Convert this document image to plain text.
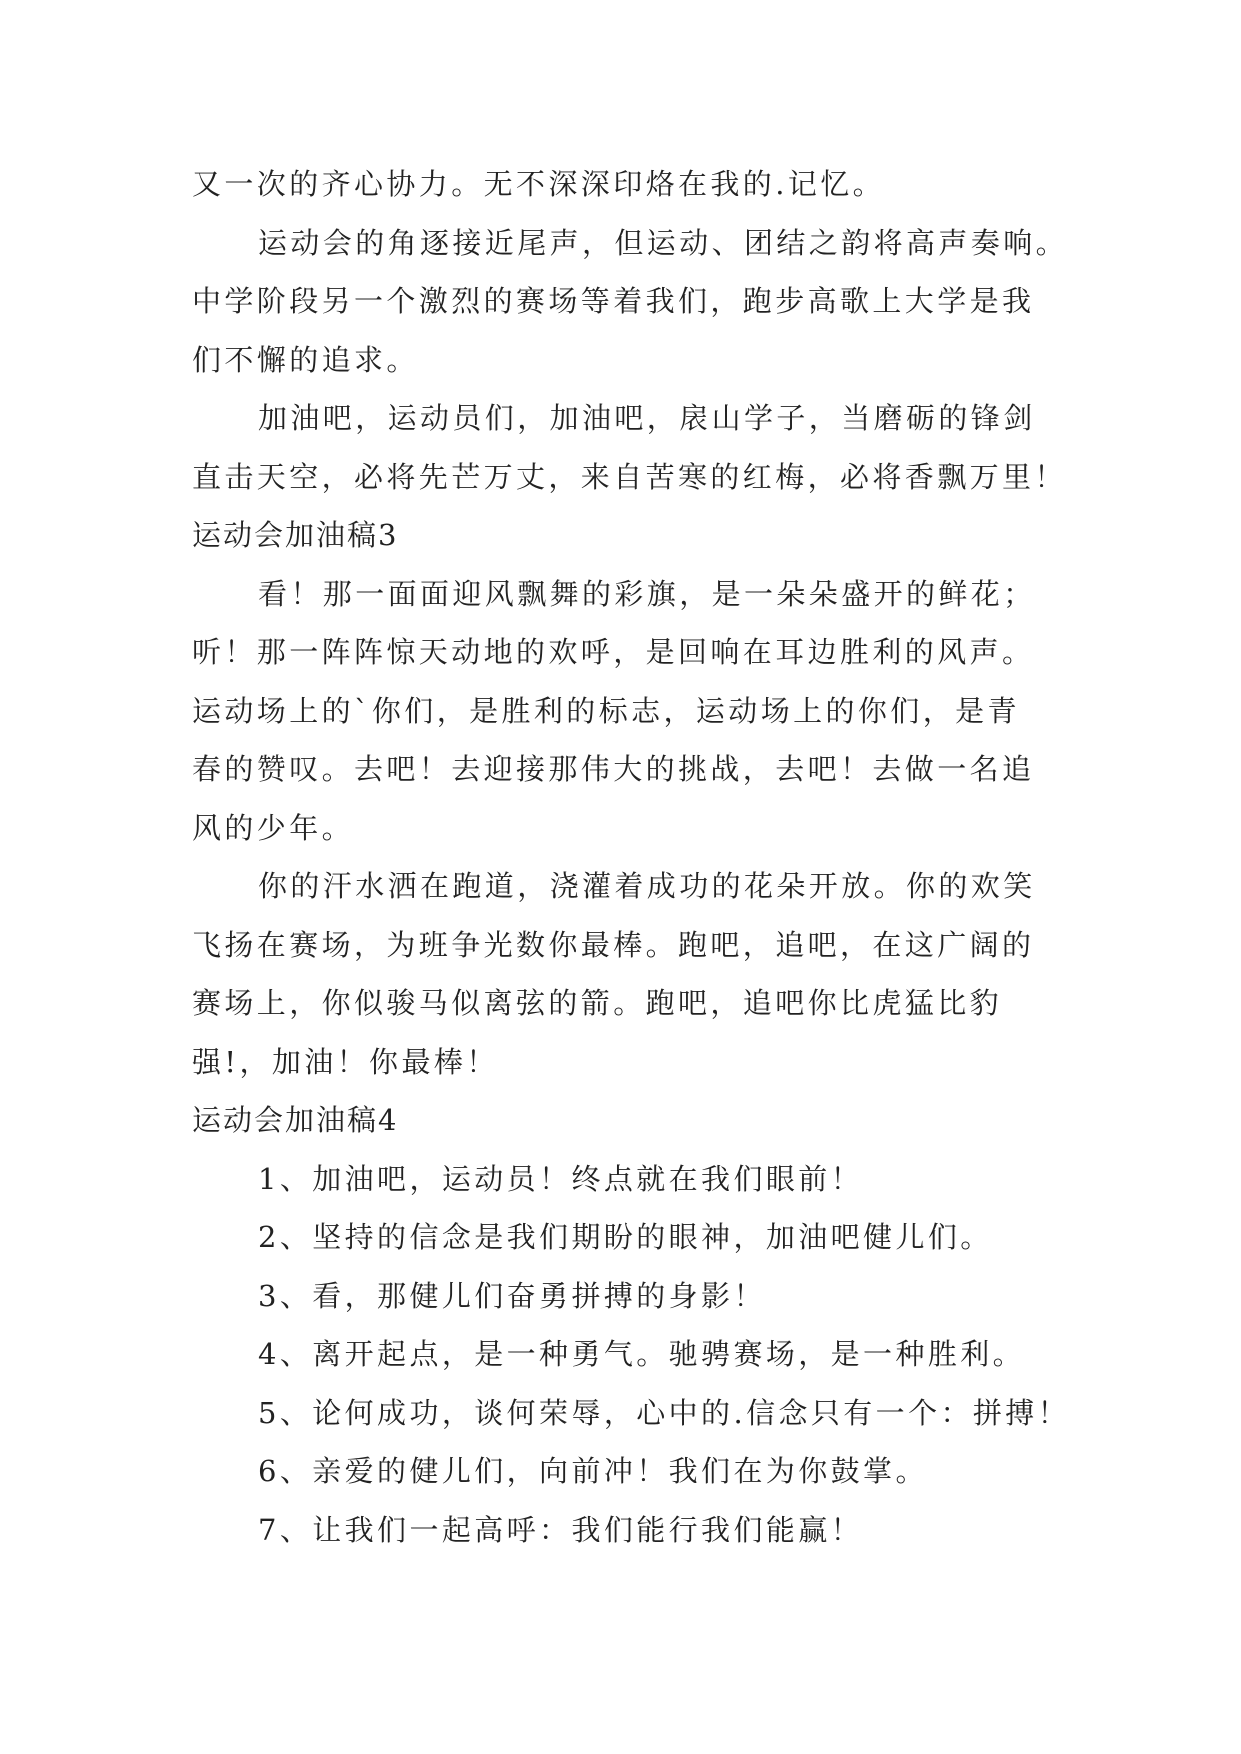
又一次的齐心协力。无不深深印烙在我的.记忆。
运动会的角逐接近尾声，但运动、团结之韵将高声奏响。
中学阶段另一个激烈的赛场等着我们，跑步高歌上大学是我
们不懈的追求。
加油吧，运动员们，加油吧，扆山学子，当磨砺的锋剑
直击天空，必将先芒万丈，来自苦寒的红梅，必将香飘万里！
运动会加油稿3
看！那一面面迎风飘舞的彩旗，是一朵朵盛开的鲜花；
听！那一阵阵惊天动地的欢呼，是回响在耳边胜利的风声。
运动场上的`你们，是胜利的标志，运动场上的你们，是青
春的赞叹。去吧！去迎接那伟大的挑战，去吧！去做一名追
风的少年。
你的汗水洒在跑道，浇灌着成功的花朵开放。你的欢笑
飞扬在赛场，为班争光数你最棒。跑吧，追吧，在这广阔的
赛场上，你似骏马似离弦的箭。跑吧，追吧你比虎猛比豹
强!，加油！你最棒！
运动会加油稿4
1、加油吧，运动员！终点就在我们眼前！
2、坚持的信念是我们期盼的眼神，加油吧健儿们。
3、看，那健儿们奋勇拼搏的身影！
4、离开起点，是一种勇气。驰骋赛场，是一种胜利。
5、论何成功，谈何荣辱，心中的.信念只有一个：拼搏！
6、亲爱的健儿们，向前冲！我们在为你鼓掌。
7、让我们一起高呼：我们能行我们能赢！
